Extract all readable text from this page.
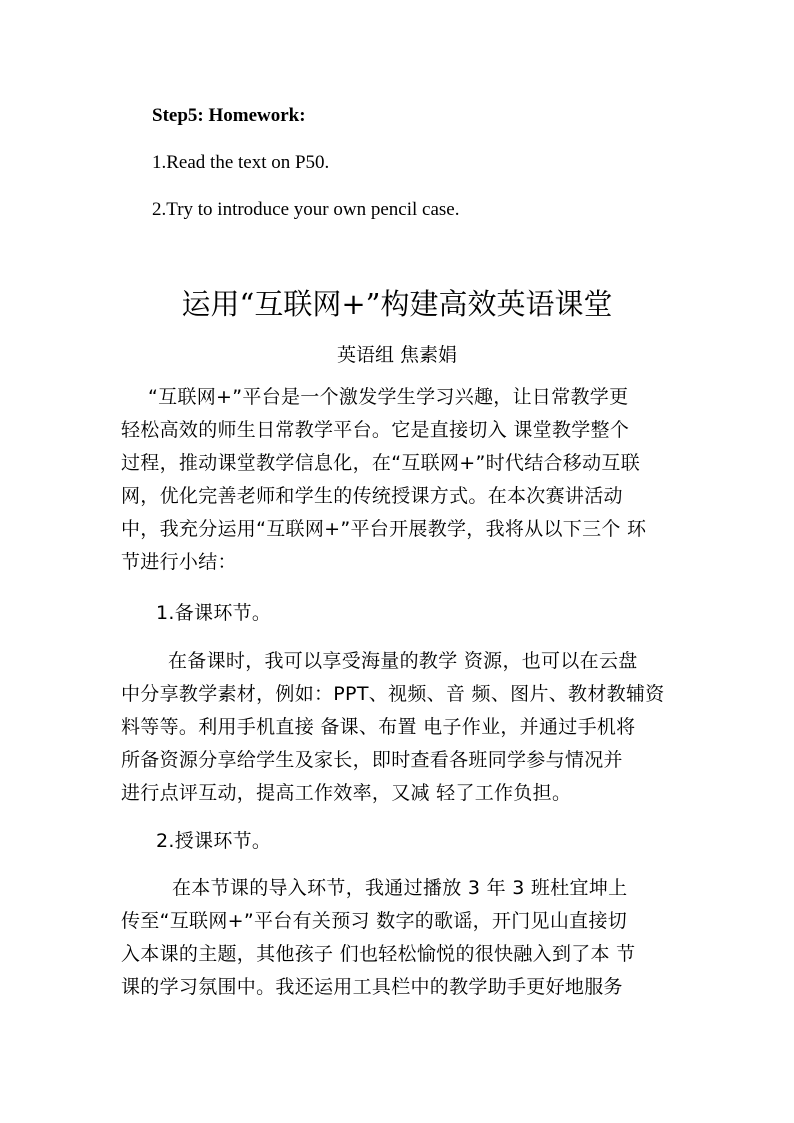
Step5: Homework:
1.Read the text on P50.
2.Try to introduce your own pencil case.
运用“互联网+”构建高效英语课堂
英语组 焦素娟
“互联网+”平台是一个激发学生学习兴趣，让日常教学更
轻松高效的师生日常教学平台。它是直接切入 课堂教学整个
过程，推动课堂教学信息化，在“互联网+”时代结合移动互联
网，优化完善老师和学生的传统授课方式。在本次赛讲活动
中，我充分运用“互联网+”平台开展教学，我将从以下三个 环
节进行小结：
1.备课环节。
在备课时，我可以享受海量的教学 资源，也可以在云盘
中分享教学素材，例如：PPT、视频、音 频、图片、教材教辅资
料等等。利用手机直接 备课、布置 电子作业，并通过手机将
所备资源分享给学生及家长，即时查看各班同学参与情况并
进行点评互动，提高工作效率，又减 轻了工作负担。
2.授课环节。
在本节课的导入环节，我通过播放 3 年 3 班杜宜坤上
传至“互联网+”平台有关预习 数字的歌谣，开门见山直接切
入本课的主题，其他孩子 们也轻松愉悦的很快融入到了本 节
课的学习氛围中。我还运用工具栏中的教学助手更好地服务
